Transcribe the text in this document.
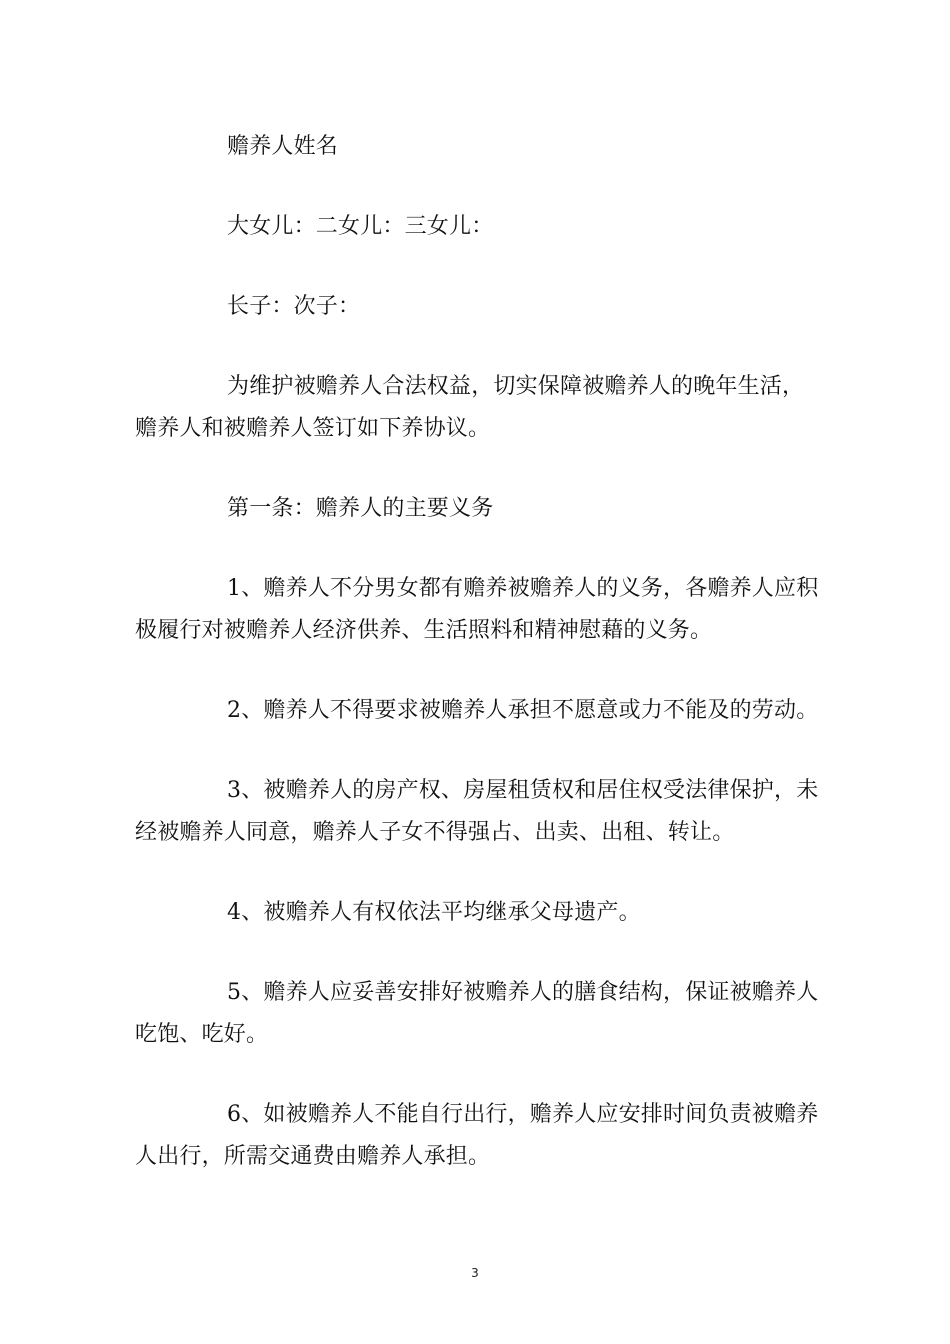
赡养人姓名

大女儿：二女儿：三女儿：

长子：次子：

为维护被赡养人合法权益，切实保障被赡养人的晚年生活，赡养人和被赡养人签订如下养协议。

第一条：赡养人的主要义务

1、赡养人不分男女都有赡养被赡养人的义务，各赡养人应积极履行对被赡养人经济供养、生活照料和精神慰藉的义务。

2、赡养人不得要求被赡养人承担不愿意或力不能及的劳动。

3、被赡养人的房产权、房屋租赁权和居住权受法律保护，未经被赡养人同意，赡养人子女不得强占、出卖、出租、转让。

4、被赡养人有权依法平均继承父母遗产。

5、赡养人应妥善安排好被赡养人的膳食结构，保证被赡养人吃饱、吃好。

6、如被赡养人不能自行出行，赡养人应安排时间负责被赡养人出行，所需交通费由赡养人承担。

3
